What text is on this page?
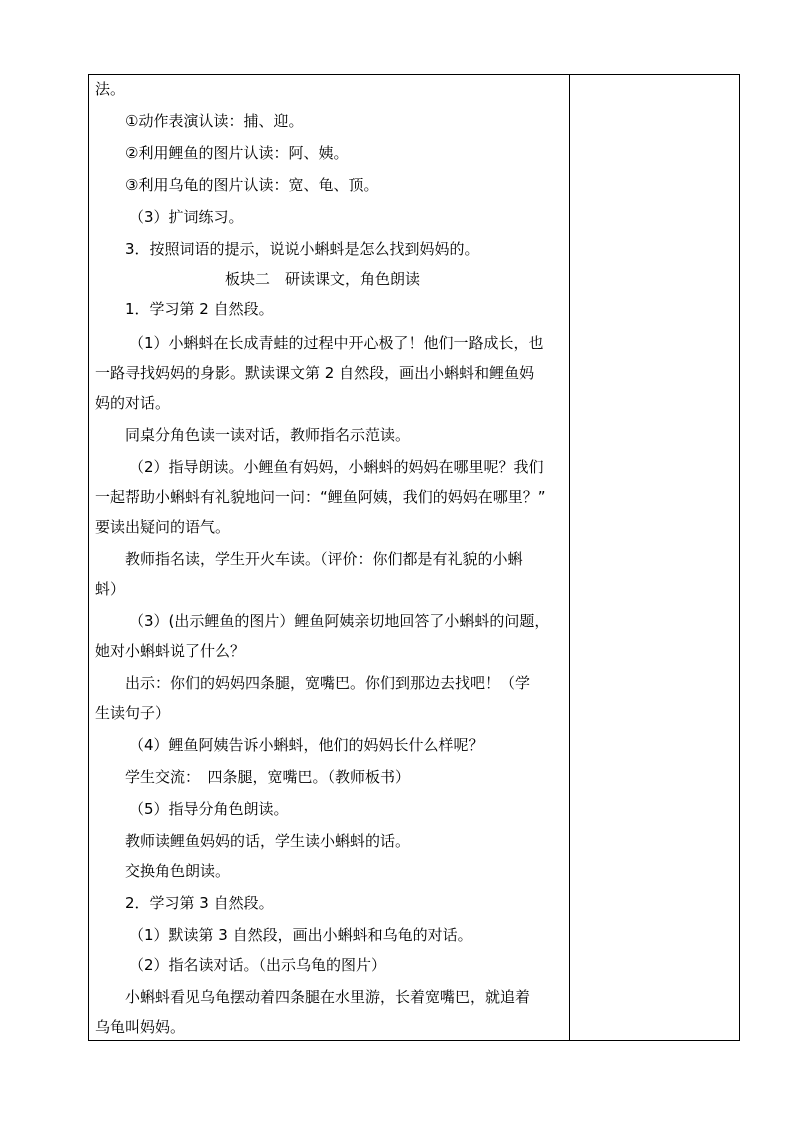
法。
①动作表演认读：捕、迎。
②利用鲤鱼的图片认读：阿、姨。
③利用乌龟的图片认读：宽、龟、顶。
（3）扩词练习。
3．按照词语的提示，说说小蝌蚪是怎么找到妈妈的。
板块二　研读课文，角色朗读
1．学习第 2 自然段。
（1）小蝌蚪在长成青蛙的过程中开心极了！他们一路成长，也
一路寻找妈妈的身影。默读课文第 2 自然段，画出小蝌蚪和鲤鱼妈
妈的对话。
同桌分角色读一读对话，教师指名示范读。
（2）指导朗读。小鲤鱼有妈妈，小蝌蚪的妈妈在哪里呢？我们
一起帮助小蝌蚪有礼貌地问一问：“鲤鱼阿姨，我们的妈妈在哪里？”
要读出疑问的语气。
教师指名读，学生开火车读。（评价：你们都是有礼貌的小蝌
蚪）
（3）(出示鲤鱼的图片）鲤鱼阿姨亲切地回答了小蝌蚪的问题，
她对小蝌蚪说了什么？
出示：你们的妈妈四条腿，宽嘴巴。你们到那边去找吧！（学
生读句子）
（4）鲤鱼阿姨告诉小蝌蚪，他们的妈妈长什么样呢？
学生交流：　四条腿，宽嘴巴。（教师板书）
（5）指导分角色朗读。
教师读鲤鱼妈妈的话，学生读小蝌蚪的话。
交换角色朗读。
2．学习第 3 自然段。
（1）默读第 3 自然段，画出小蝌蚪和乌龟的对话。
（2）指名读对话。（出示乌龟的图片）
小蝌蚪看见乌龟摆动着四条腿在水里游，长着宽嘴巴，就追着
乌龟叫妈妈。
